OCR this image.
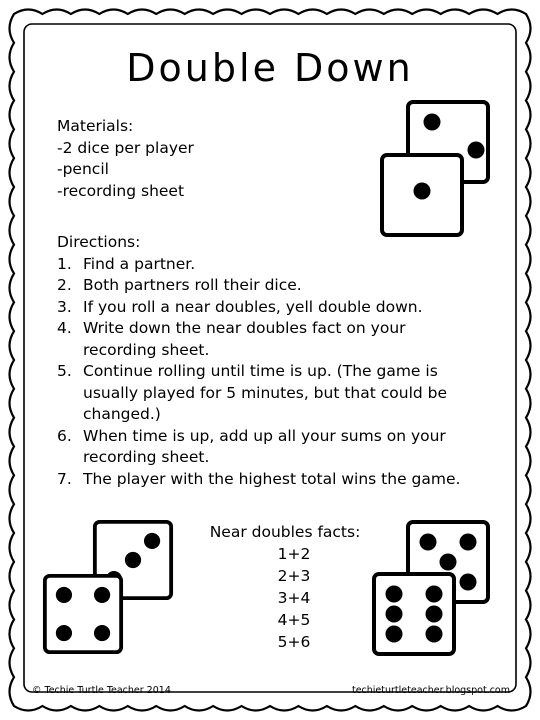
Double Down
Materials:
-2 dice per player
-pencil
-recording sheet
Directions:
1. Find a partner.
2. Both partners roll their dice.
3. If you roll a near doubles, yell double down.
4. Write down the near doubles fact on your recording sheet.
5. Continue rolling until time is up. (The game is usually played for 5 minutes, but that could be changed.)
6. When time is up, add up all your sums on your recording sheet.
7. The player with the highest total wins the game.
Near doubles facts:
1+2
2+3
3+4
4+5
5+6
© Techie Turtle Teacher 2014	techieturtleteacher.blogspot.com
